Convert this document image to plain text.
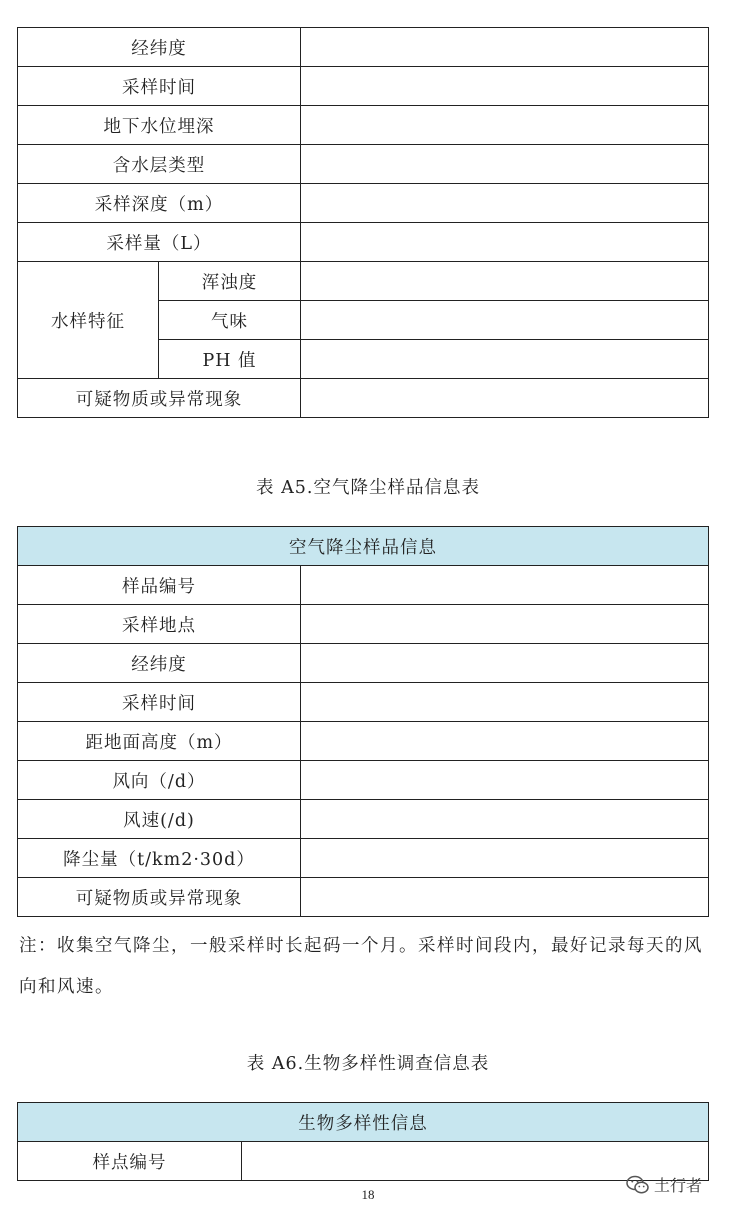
经纬度		
采样时间		
地下水位埋深		
含水层类型		
采样深度（m）		
采样量（L）		
水样特征	浑浊度	
	气味	
	PH 值	
可疑物质或异常现象		
表 A5.空气降尘样品信息表
空气降尘样品信息	
样品编号	
采样地点	
经纬度	
采样时间	
距地面高度（m）	
风向（/d）	
风速(/d)	
降尘量（t/km2·30d）	
可疑物质或异常现象	
注：收集空气降尘，一般采样时长起码一个月。采样时间段内，最好记录每天的风向和风速。
表 A6.生物多样性调查信息表
生物多样性信息
样点编号	
18	土行者
